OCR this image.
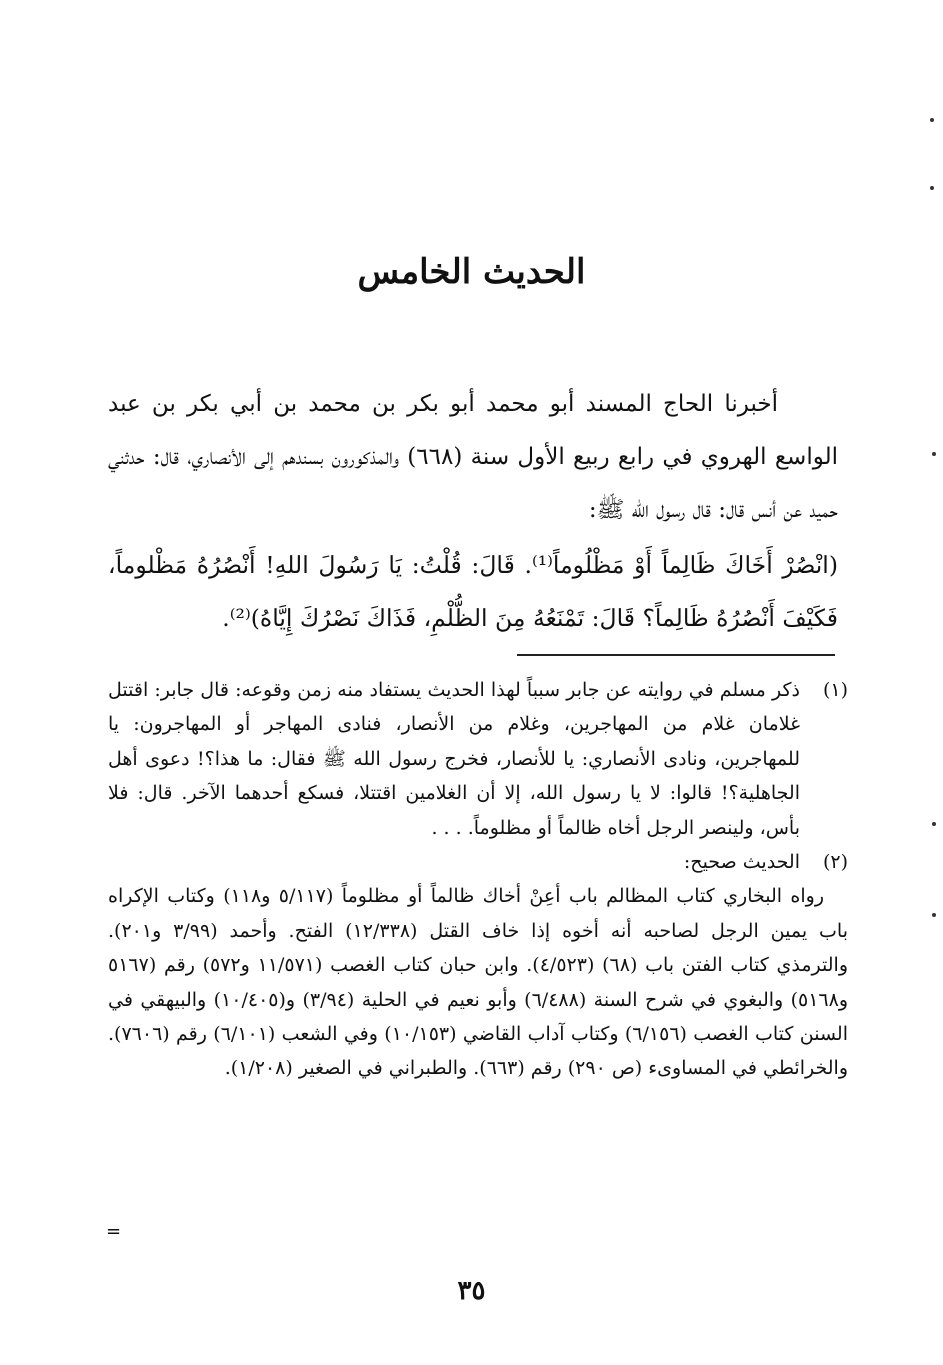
الحديث الخامس

أخبرنا الحاج المسند أبو محمد أبو بكر بن محمد بن أبي بكر بن عبد الواسع الهروي في رابع ربيع الأول سنة (٦٦٨) والمذكورون بسندهم إلى الأنصاري، قال: حدثني حميد عن أنس قال: قال رسول الله ﷺ:

(انْصُرْ أَخَاكَ ظَالِماً أَوْ مَظْلُوماً⁽¹⁾. قَالَ: قُلْتُ: يَا رَسُولَ اللهِ! أَنْصُرُهُ مَظْلوماً، فَكَيْفَ أَنْصُرُهُ ظَالِماً؟ قَالَ: تَمْنَعُهُ مِنَ الظُّلْمِ، فَذَاكَ نَصْرُكَ إِيَّاهُ)⁽²⁾.

(١)
ذكر مسلم في روايته عن جابر سبباً لهذا الحديث يستفاد منه زمن وقوعه: قال جابر: اقتتل غلامان غلام من المهاجرين، وغلام من الأنصار، فنادى المهاجر أو المهاجرون: يا للمهاجرين، ونادى الأنصاري: يا للأنصار، فخرج رسول الله ﷺ فقال: ما هذا؟! دعوى أهل الجاهلية؟! قالوا: لا يا رسول الله، إلا أن الغلامين اقتتلا، فسكع أحدهما الآخر. قال: فلا بأس، ولينصر الرجل أخاه ظالماً أو مظلوماً. . . .
(٢)
الحديث صحيح:
رواه البخاري كتاب المظالم باب أعِنْ أخاك ظالماً أو مظلوماً (٥/١١٧ و١١٨) وكتاب الإكراه باب يمين الرجل لصاحبه أنه أخوه إذا خاف القتل (١٢/٣٣٨) الفتح. وأحمد (٣/٩٩ و٢٠١). والترمذي كتاب الفتن باب (٦٨) (٤/٥٢٣). وابن حبان كتاب الغصب (١١/٥٧١ و٥٧٢) رقم (٥١٦٧ و٥١٦٨) والبغوي في شرح السنة (٦/٤٨٨) وأبو نعيم في الحلية (٣/٩٤) و(١٠/٤٠٥) والبيهقي في السنن كتاب الغصب (٦/١٥٦) وكتاب آداب القاضي (١٠/١٥٣) وفي الشعب (٦/١٠١) رقم (٧٦٠٦). والخرائطي في المساوىء (ص ٢٩٠) رقم (٦٦٣). والطبراني في الصغير (١/٢٠٨).
=
٣٥
